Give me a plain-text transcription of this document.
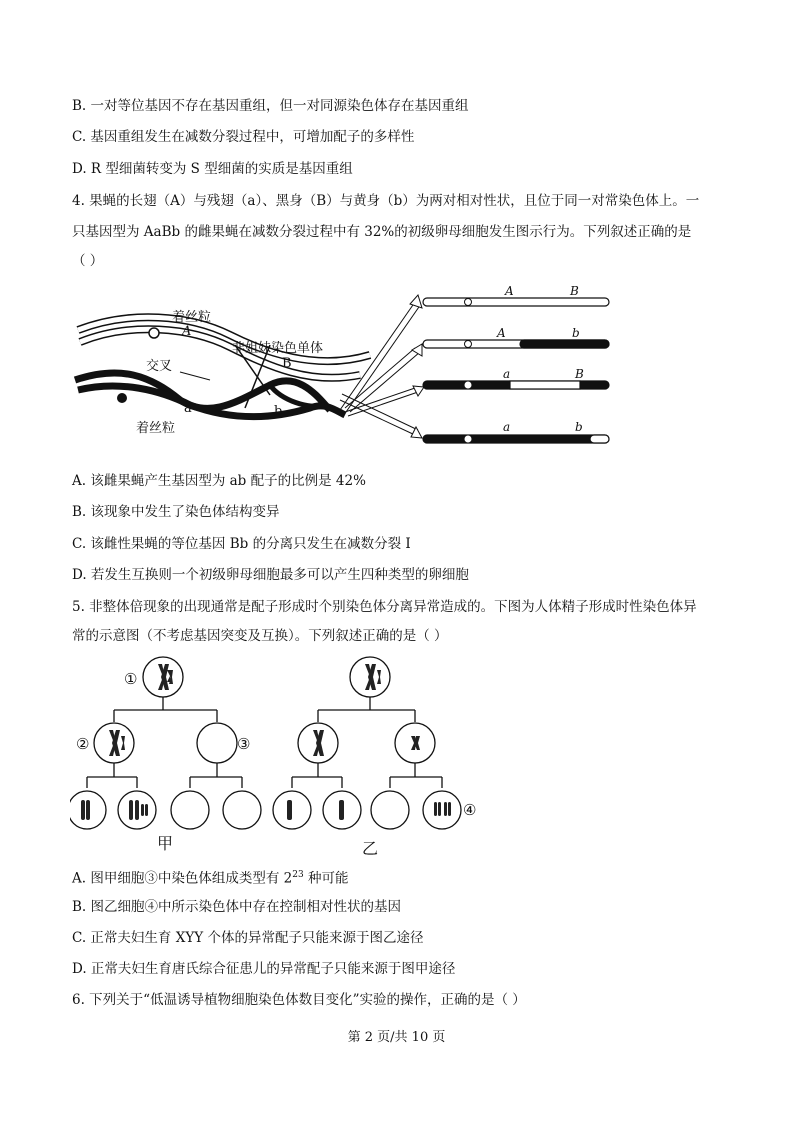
B. 一对等位基因不存在基因重组，但一对同源染色体存在基因重组
C. 基因重组发生在减数分裂过程中，可增加配子的多样性
D. R 型细菌转变为 S 型细菌的实质是基因重组
4. 果蝇的长翅（A）与残翅（a）、黑身（B）与黄身（b）为两对相对性状，且位于同一对常染色体上。一
只基因型为 AaBb 的雌果蝇在减数分裂过程中有 32%的初级卵母细胞发生图示行为。下列叙述正确的是
（ ）
着丝粒
A
非姐妹染色单体
交叉	B
a	b
着丝粒
A	B
A	b
a	B
a	b
A. 该雌果蝇产生基因型为 ab 配子的比例是 42%
B. 该现象中发生了染色体结构变异
C. 该雌性果蝇的等位基因 Bb 的分离只发生在减数分裂 I
D. 若发生互换则一个初级卵母细胞最多可以产生四种类型的卵细胞
5. 非整体倍现象的出现通常是配子形成时个别染色体分离异常造成的。下图为人体精子形成时性染色体异
常的示意图（不考虑基因突变及互换）。下列叙述正确的是（ ）
①
②	③
④
甲	乙
A. 图甲细胞③中染色体组成类型有 $2^{23}$ 种可能
B. 图乙细胞④中所示染色体中存在控制相对性状的基因
C. 正常夫妇生育 XYY 个体的异常配子只能来源于图乙途径
D. 正常夫妇生育唐氏综合征患儿的异常配子只能来源于图甲途径
6. 下列关于“低温诱导植物细胞染色体数目变化”实验的操作，正确的是（ ）
第 2 页/共 10 页
